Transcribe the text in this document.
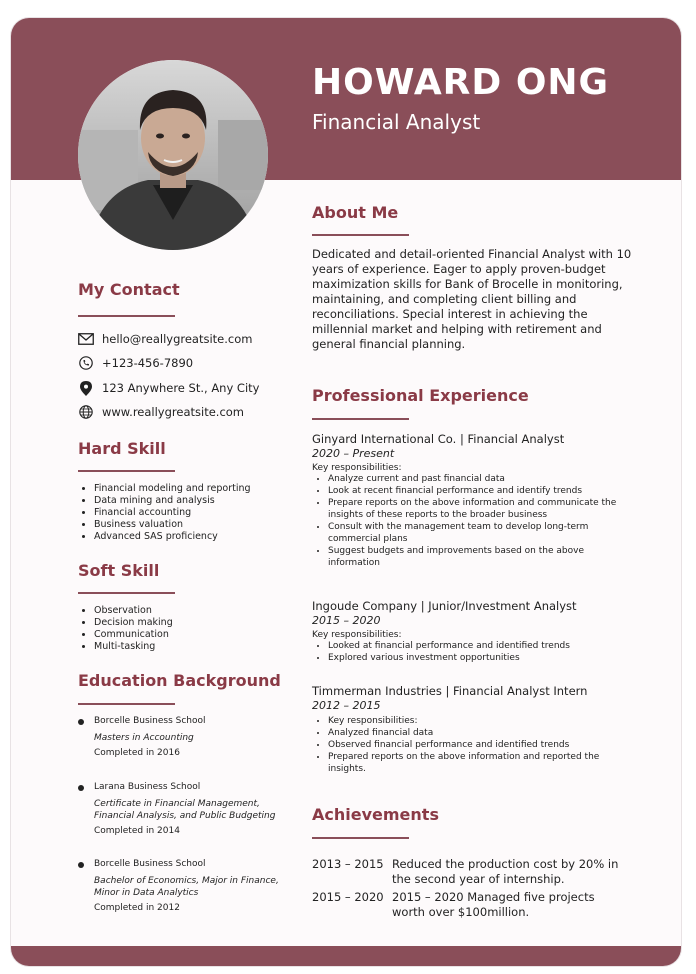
HOWARD ONG
Financial Analyst
My Contact
hello@reallygreatsite.com
+123-456-7890
123 Anywhere St., Any City
www.reallygreatsite.com
Hard Skill
• Financial modeling and reporting
• Data mining and analysis
• Financial accounting
• Business valuation
• Advanced SAS proficiency
Soft Skill
• Observation
• Decision making
• Communication
• Multi-tasking
Education Background
Borcelle Business School
Masters in Accounting
Completed in 2016
Larana Business School
Certificate in Financial Management, Financial Analysis, and Public Budgeting
Completed in 2014
Borcelle Business School
Bachelor of Economics, Major in Finance, Minor in Data Analytics
Completed in 2012
About Me
Dedicated and detail-oriented Financial Analyst with 10 years of experience. Eager to apply proven-budget maximization skills for Bank of Brocelle in monitoring, maintaining, and completing client billing and reconciliations. Special interest in achieving the millennial market and helping with retirement and general financial planning.
Professional Experience
Ginyard International Co. | Financial Analyst
2020 – Present
Key responsibilities:
• Analyze current and past financial data
• Look at recent financial performance and identify trends
• Prepare reports on the above information and communicate the insights of these reports to the broader business
• Consult with the management team to develop long-term commercial plans
• Suggest budgets and improvements based on the above information
Ingoude Company | Junior/Investment Analyst
2015 – 2020
Key responsibilities:
• Looked at financial performance and identified trends
• Explored various investment opportunities
Timmerman Industries | Financial Analyst Intern
2012 – 2015
• Key responsibilities:
• Analyzed financial data
• Observed financial performance and identified trends
• Prepared reports on the above information and reported the insights.
Achievements
2013 – 2015 Reduced the production cost by 20% in the second year of internship.
2015 – 2020 2015 – 2020 Managed five projects worth over $100million.
